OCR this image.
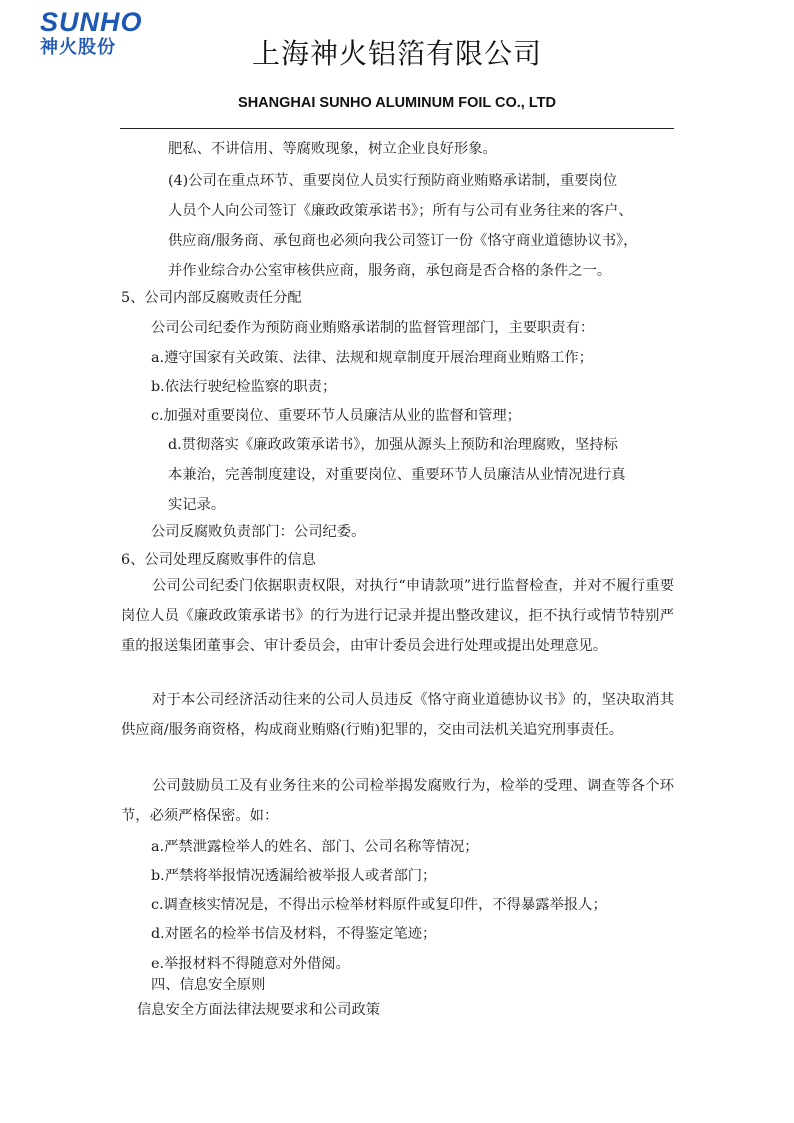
SUNHO
神火股份	上海神火铝箔有限公司
SHANGHAI SUNHO ALUMINUM FOIL CO., LTD
肥私、不讲信用、等腐败现象，树立企业良好形象。
(4)公司在重点环节、重要岗位人员实行预防商业贿赂承诺制，重要岗位
人员个人向公司签订《廉政政策承诺书》；所有与公司有业务往来的客户、
供应商/服务商、承包商也必须向我公司签订一份《恪守商业道德协议书》，
并作业综合办公室审核供应商，服务商，承包商是否合格的条件之一。
5、公司内部反腐败责任分配
公司公司纪委作为预防商业贿赂承诺制的监督管理部门，主要职责有：
a.遵守国家有关政策、法律、法规和规章制度开展治理商业贿赂工作；
b.依法行驶纪检监察的职责；
c.加强对重要岗位、重要环节人员廉洁从业的监督和管理；
d.贯彻落实《廉政政策承诺书》，加强从源头上预防和治理腐败，坚持标
本兼治，完善制度建设，对重要岗位、重要环节人员廉洁从业情况进行真
实记录。
公司反腐败负责部门：公司纪委。
6、公司处理反腐败事件的信息
公司公司纪委门依据职责权限，对执行“申请款项”进行监督检查，并对不履行重要岗位人员《廉政政策承诺书》的行为进行记录并提出整改建议，拒不执行或情节特别严重的报送集团董事会、审计委员会，由审计委员会进行处理或提出处理意见。
对于本公司经济活动往来的公司人员违反《恪守商业道德协议书》的，坚决取消其供应商/服务商资格，构成商业贿赂(行贿)犯罪的，交由司法机关追究刑事责任。
公司鼓励员工及有业务往来的公司检举揭发腐败行为，检举的受理、调查等各个环节，必须严格保密。如：
a.严禁泄露检举人的姓名、部门、公司名称等情况；
b.严禁将举报情况透漏给被举报人或者部门；
c.调查核实情况是，不得出示检举材料原件或复印件，不得暴露举报人；
d.对匿名的检举书信及材料，不得鉴定笔迹；
e.举报材料不得随意对外借阅。
四、信息安全原则
信息安全方面法律法规要求和公司政策
